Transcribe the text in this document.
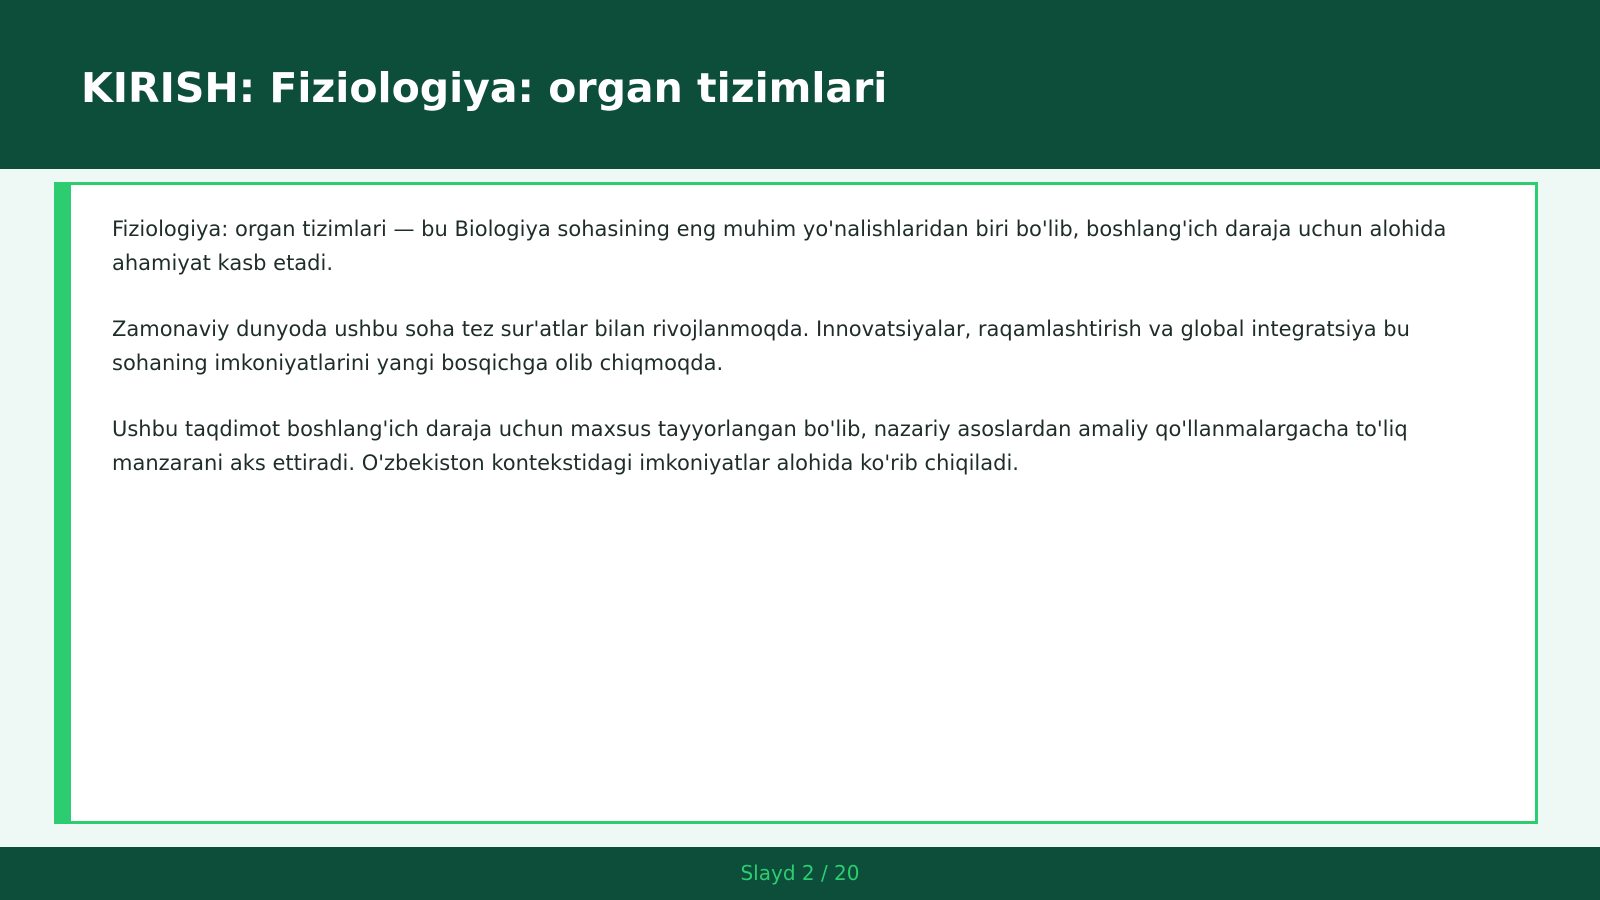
KIRISH: Fiziologiya: organ tizimlari

Fiziologiya: organ tizimlari — bu Biologiya sohasining eng muhim yo'nalishlaridan biri bo'lib, boshlang'ich daraja uchun alohida ahamiyat kasb etadi.

Zamonaviy dunyoda ushbu soha tez sur'atlar bilan rivojlanmoqda. Innovatsiyalar, raqamlashtirish va global integratsiya bu sohaning imkoniyatlarini yangi bosqichga olib chiqmoqda.

Ushbu taqdimot boshlang'ich daraja uchun maxsus tayyorlangan bo'lib, nazariy asoslardan amaliy qo'llanmalargacha to'liq manzarani aks ettiradi. O'zbekiston kontekstidagi imkoniyatlar alohida ko'rib chiqiladi.

Slayd 2 / 20
